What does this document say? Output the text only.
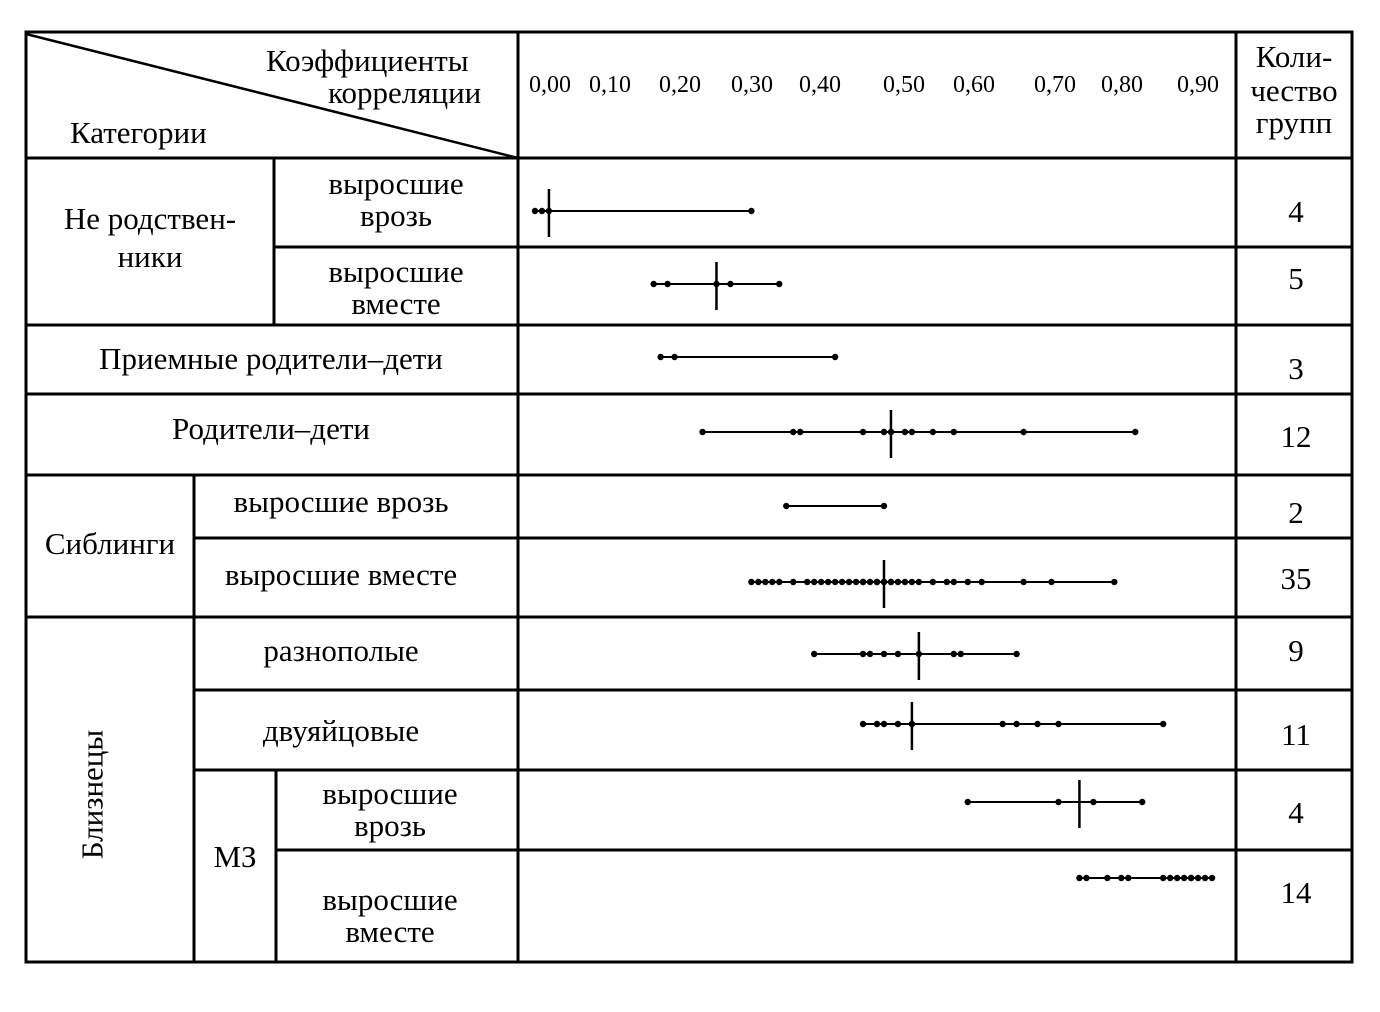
Коэффициенты
корреляции
Категории
Коли-
чество
групп
Не родствен-
ники
выросшие
врозь
выросшие
вместе
Приемные родители–дети
Родители–дети
Сиблинги
выросшие врозь
выросшие вместе
Близнецы
разнополые
двуяйцовые
МЗ
выросшие
врозь
выросшие
вместе
0,00 0,10 0,20 0,30 0,40 0,50 0,60 0,70 0,80 0,90
4
5
3
12
2
35
9
11
4
14
